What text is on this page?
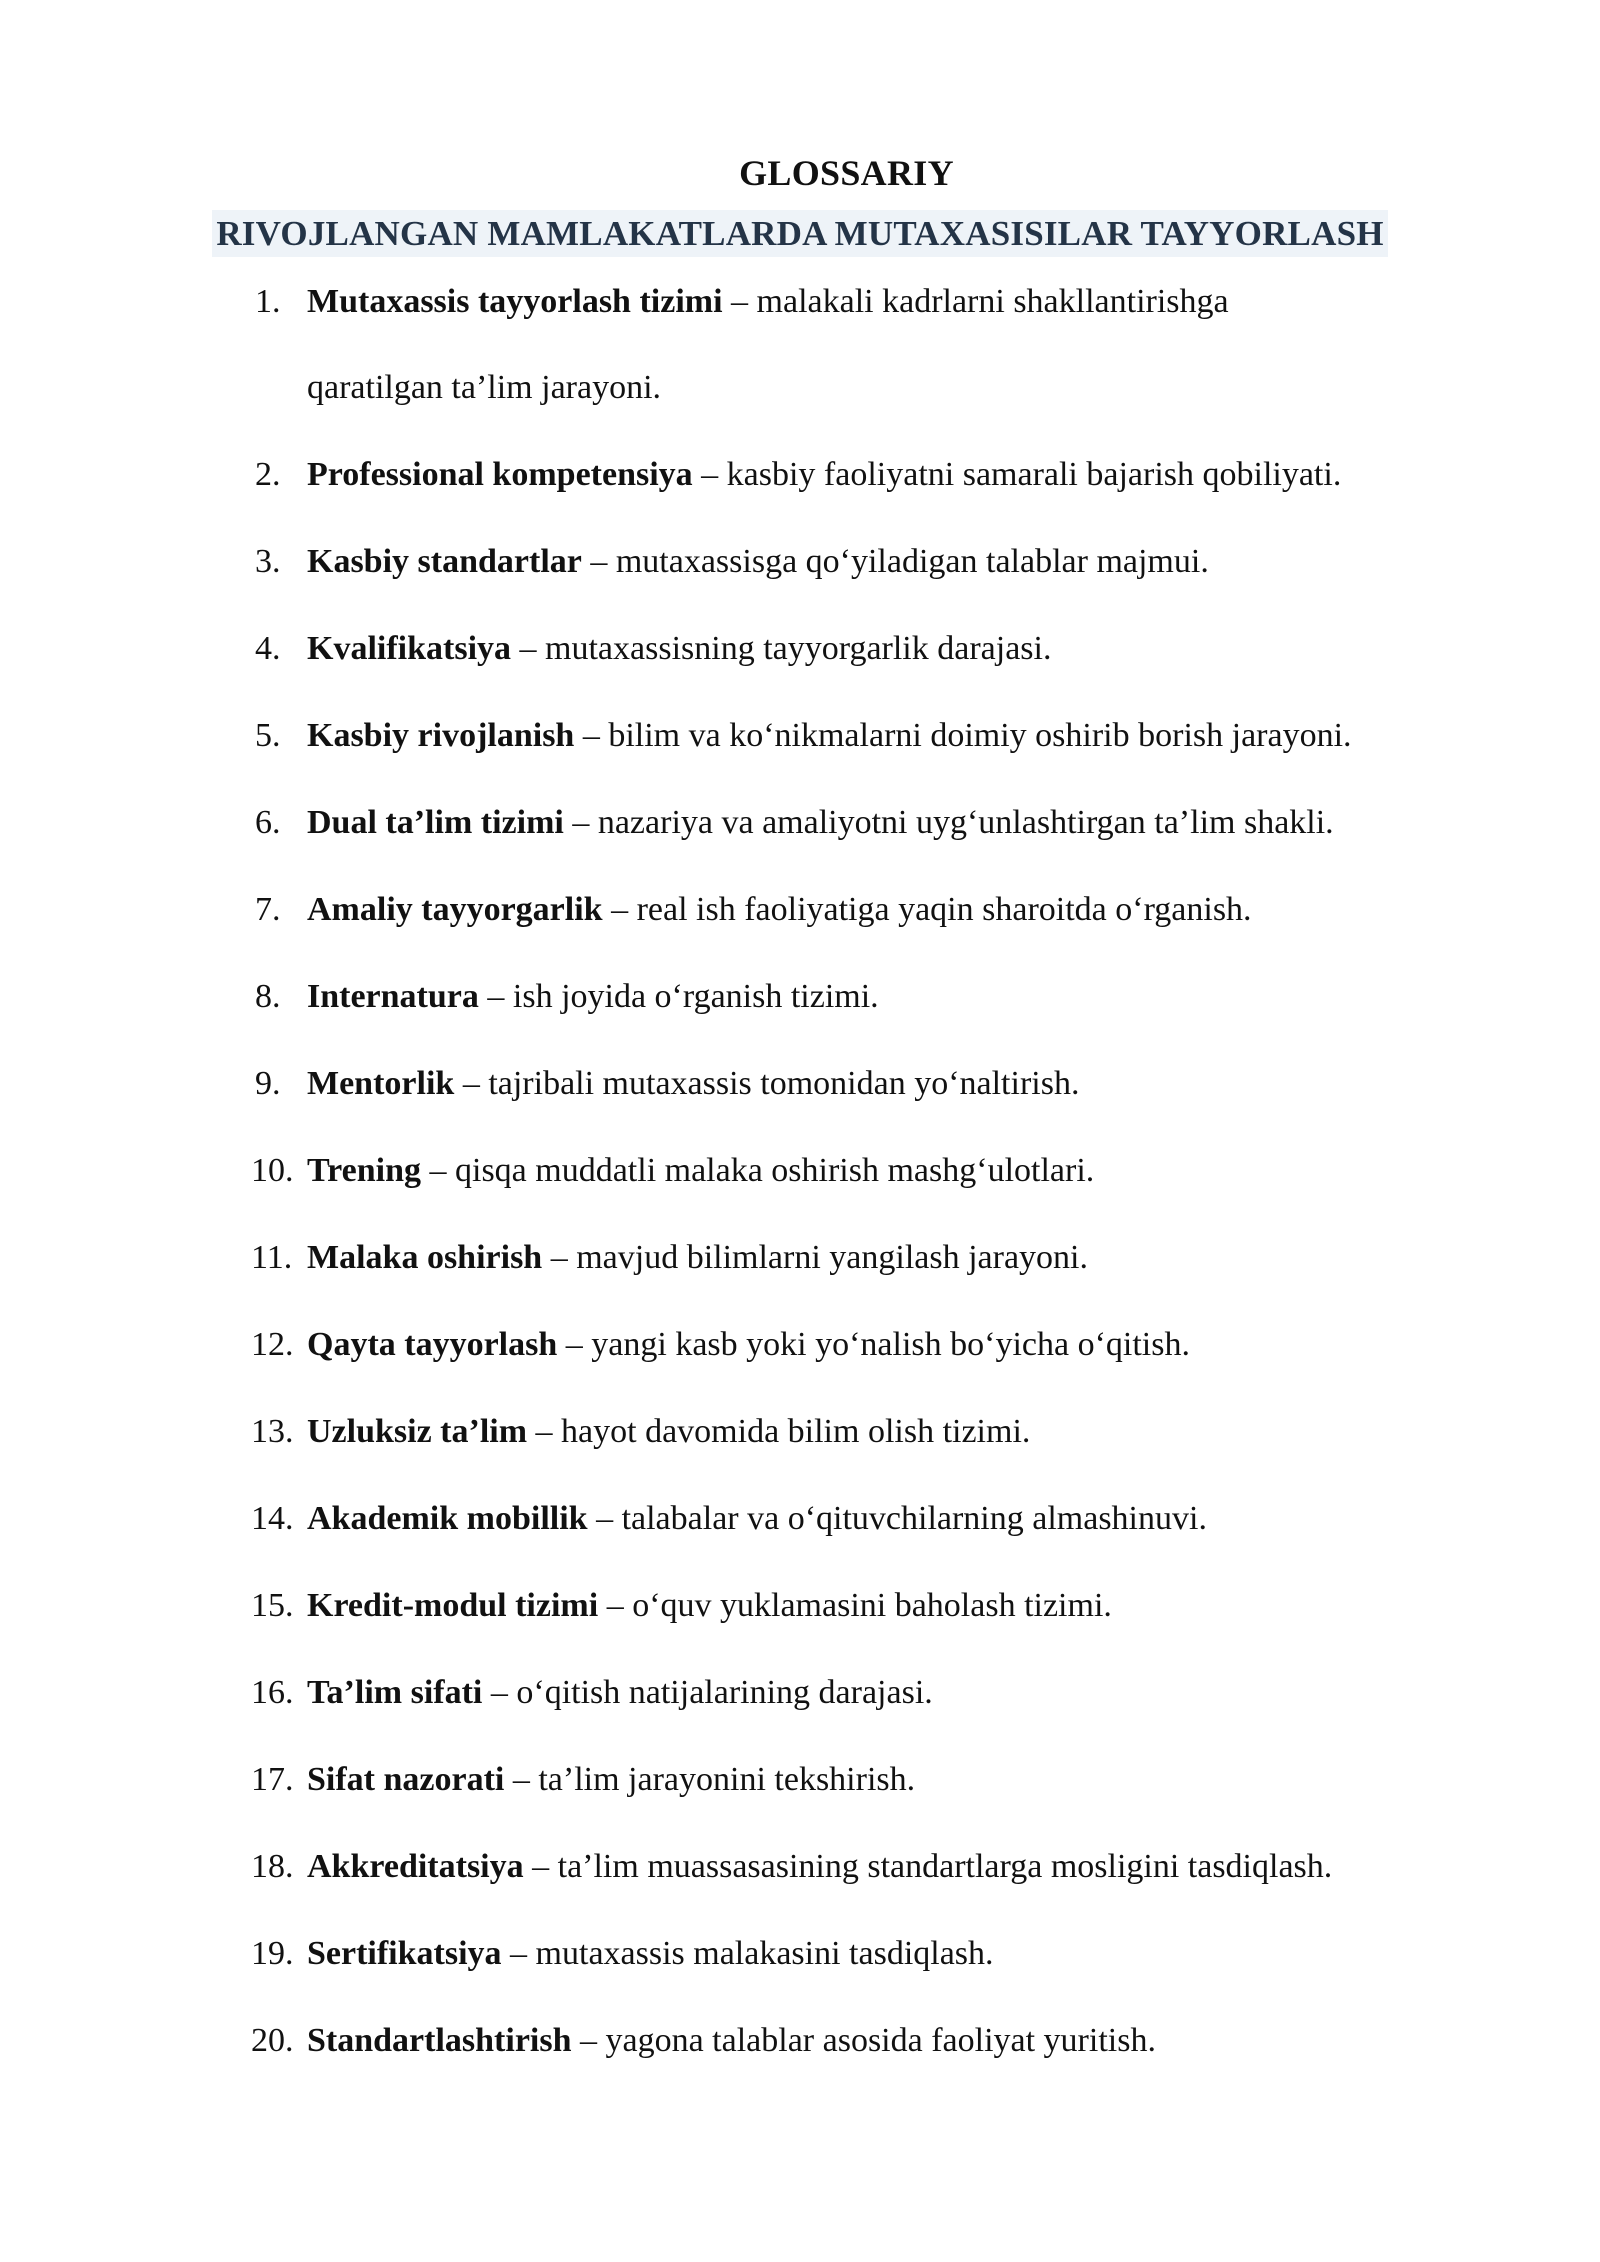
GLOSSARIY
RIVOJLANGAN MAMLAKATLARDA MUTAXASISILAR TAYYORLASH
1. Mutaxassis tayyorlash tizimi – malakali kadrlarni shakllantirishga
qaratilgan ta’lim jarayoni.
2. Professional kompetensiya – kasbiy faoliyatni samarali bajarish qobiliyati.
3. Kasbiy standartlar – mutaxassisga qo‘yiladigan talablar majmui.
4. Kvalifikatsiya – mutaxassisning tayyorgarlik darajasi.
5. Kasbiy rivojlanish – bilim va ko‘nikmalarni doimiy oshirib borish jarayoni.
6. Dual ta’lim tizimi – nazariya va amaliyotni uyg‘unlashtirgan ta’lim shakli.
7. Amaliy tayyorgarlik – real ish faoliyatiga yaqin sharoitda o‘rganish.
8. Internatura – ish joyida o‘rganish tizimi.
9. Mentorlik – tajribali mutaxassis tomonidan yo‘naltirish.
10. Trening – qisqa muddatli malaka oshirish mashg‘ulotlari.
11. Malaka oshirish – mavjud bilimlarni yangilash jarayoni.
12. Qayta tayyorlash – yangi kasb yoki yo‘nalish bo‘yicha o‘qitish.
13. Uzluksiz ta’lim – hayot davomida bilim olish tizimi.
14. Akademik mobillik – talabalar va o‘qituvchilarning almashinuvi.
15. Kredit-modul tizimi – o‘quv yuklamasini baholash tizimi.
16. Ta’lim sifati – o‘qitish natijalarining darajasi.
17. Sifat nazorati – ta’lim jarayonini tekshirish.
18. Akkreditatsiya – ta’lim muassasasining standartlarga mosligini tasdiqlash.
19. Sertifikatsiya – mutaxassis malakasini tasdiqlash.
20. Standartlashtirish – yagona talablar asosida faoliyat yuritish.
